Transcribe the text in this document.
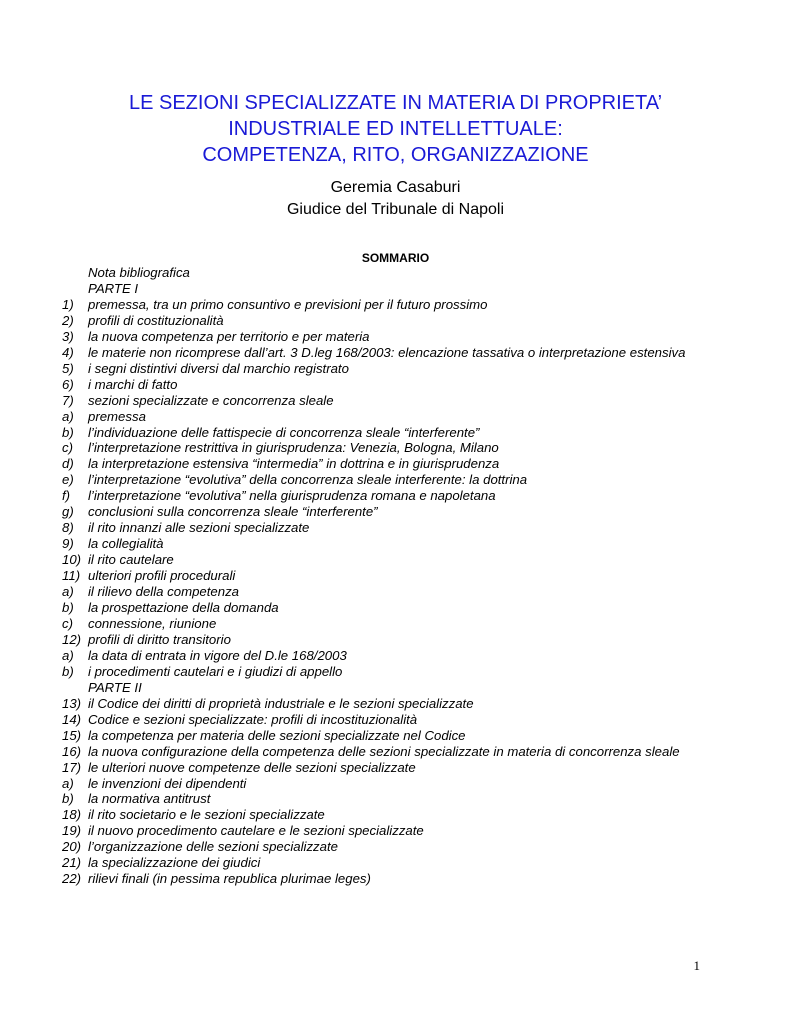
LE SEZIONI SPECIALIZZATE IN MATERIA DI PROPRIETA’
INDUSTRIALE ED INTELLETTUALE:
COMPETENZA, RITO, ORGANIZZAZIONE
Geremia Casaburi
Giudice del Tribunale di Napoli
SOMMARIO
Nota bibliografica
PARTE I
1)	premessa, tra un primo consuntivo e previsioni per il futuro prossimo
2)	profili di costituzionalità
3)	la nuova competenza per territorio e per materia
4)	le materie non ricomprese dall’art. 3 D.leg 168/2003: elencazione tassativa o interpretazione estensiva
5)	i segni distintivi diversi dal marchio registrato
6)	i marchi di fatto
7)	sezioni specializzate e concorrenza sleale
a)	premessa
b)	l’individuazione delle fattispecie di concorrenza sleale “interferente”
c)	l’interpretazione restrittiva in giurisprudenza: Venezia, Bologna, Milano
d)	la interpretazione estensiva “intermedia” in dottrina e in giurisprudenza
e)	l’interpretazione “evolutiva” della concorrenza sleale interferente: la dottrina
f)	l’interpretazione “evolutiva” nella giurisprudenza romana e napoletana
g)	conclusioni sulla concorrenza sleale “interferente”
8)	il rito innanzi alle sezioni specializzate
9)	la collegialità
10) il rito cautelare
11) ulteriori profili procedurali
a)	il rilievo della competenza
b)	la prospettazione della domanda
c)	connessione, riunione
12) profili di diritto transitorio
a)	la data di entrata in vigore del D.le 168/2003
b)	i procedimenti cautelari e i giudizi di appello
PARTE II
13) il Codice dei diritti di proprietà industriale e le sezioni specializzate
14) Codice e sezioni specializzate: profili di incostituzionalità
15) la competenza per materia delle sezioni specializzate nel Codice
16) la nuova configurazione della competenza delle sezioni specializzate in materia di concorrenza sleale
17) le ulteriori nuove competenze delle sezioni specializzate
a)	le invenzioni dei dipendenti
b)	la normativa antitrust
18) il rito societario e le sezioni specializzate
19) il nuovo procedimento cautelare e le sezioni specializzate
20) l’organizzazione delle sezioni specializzate
21) la specializzazione dei giudici
22) rilievi finali (in pessima republica plurimae leges)
1
